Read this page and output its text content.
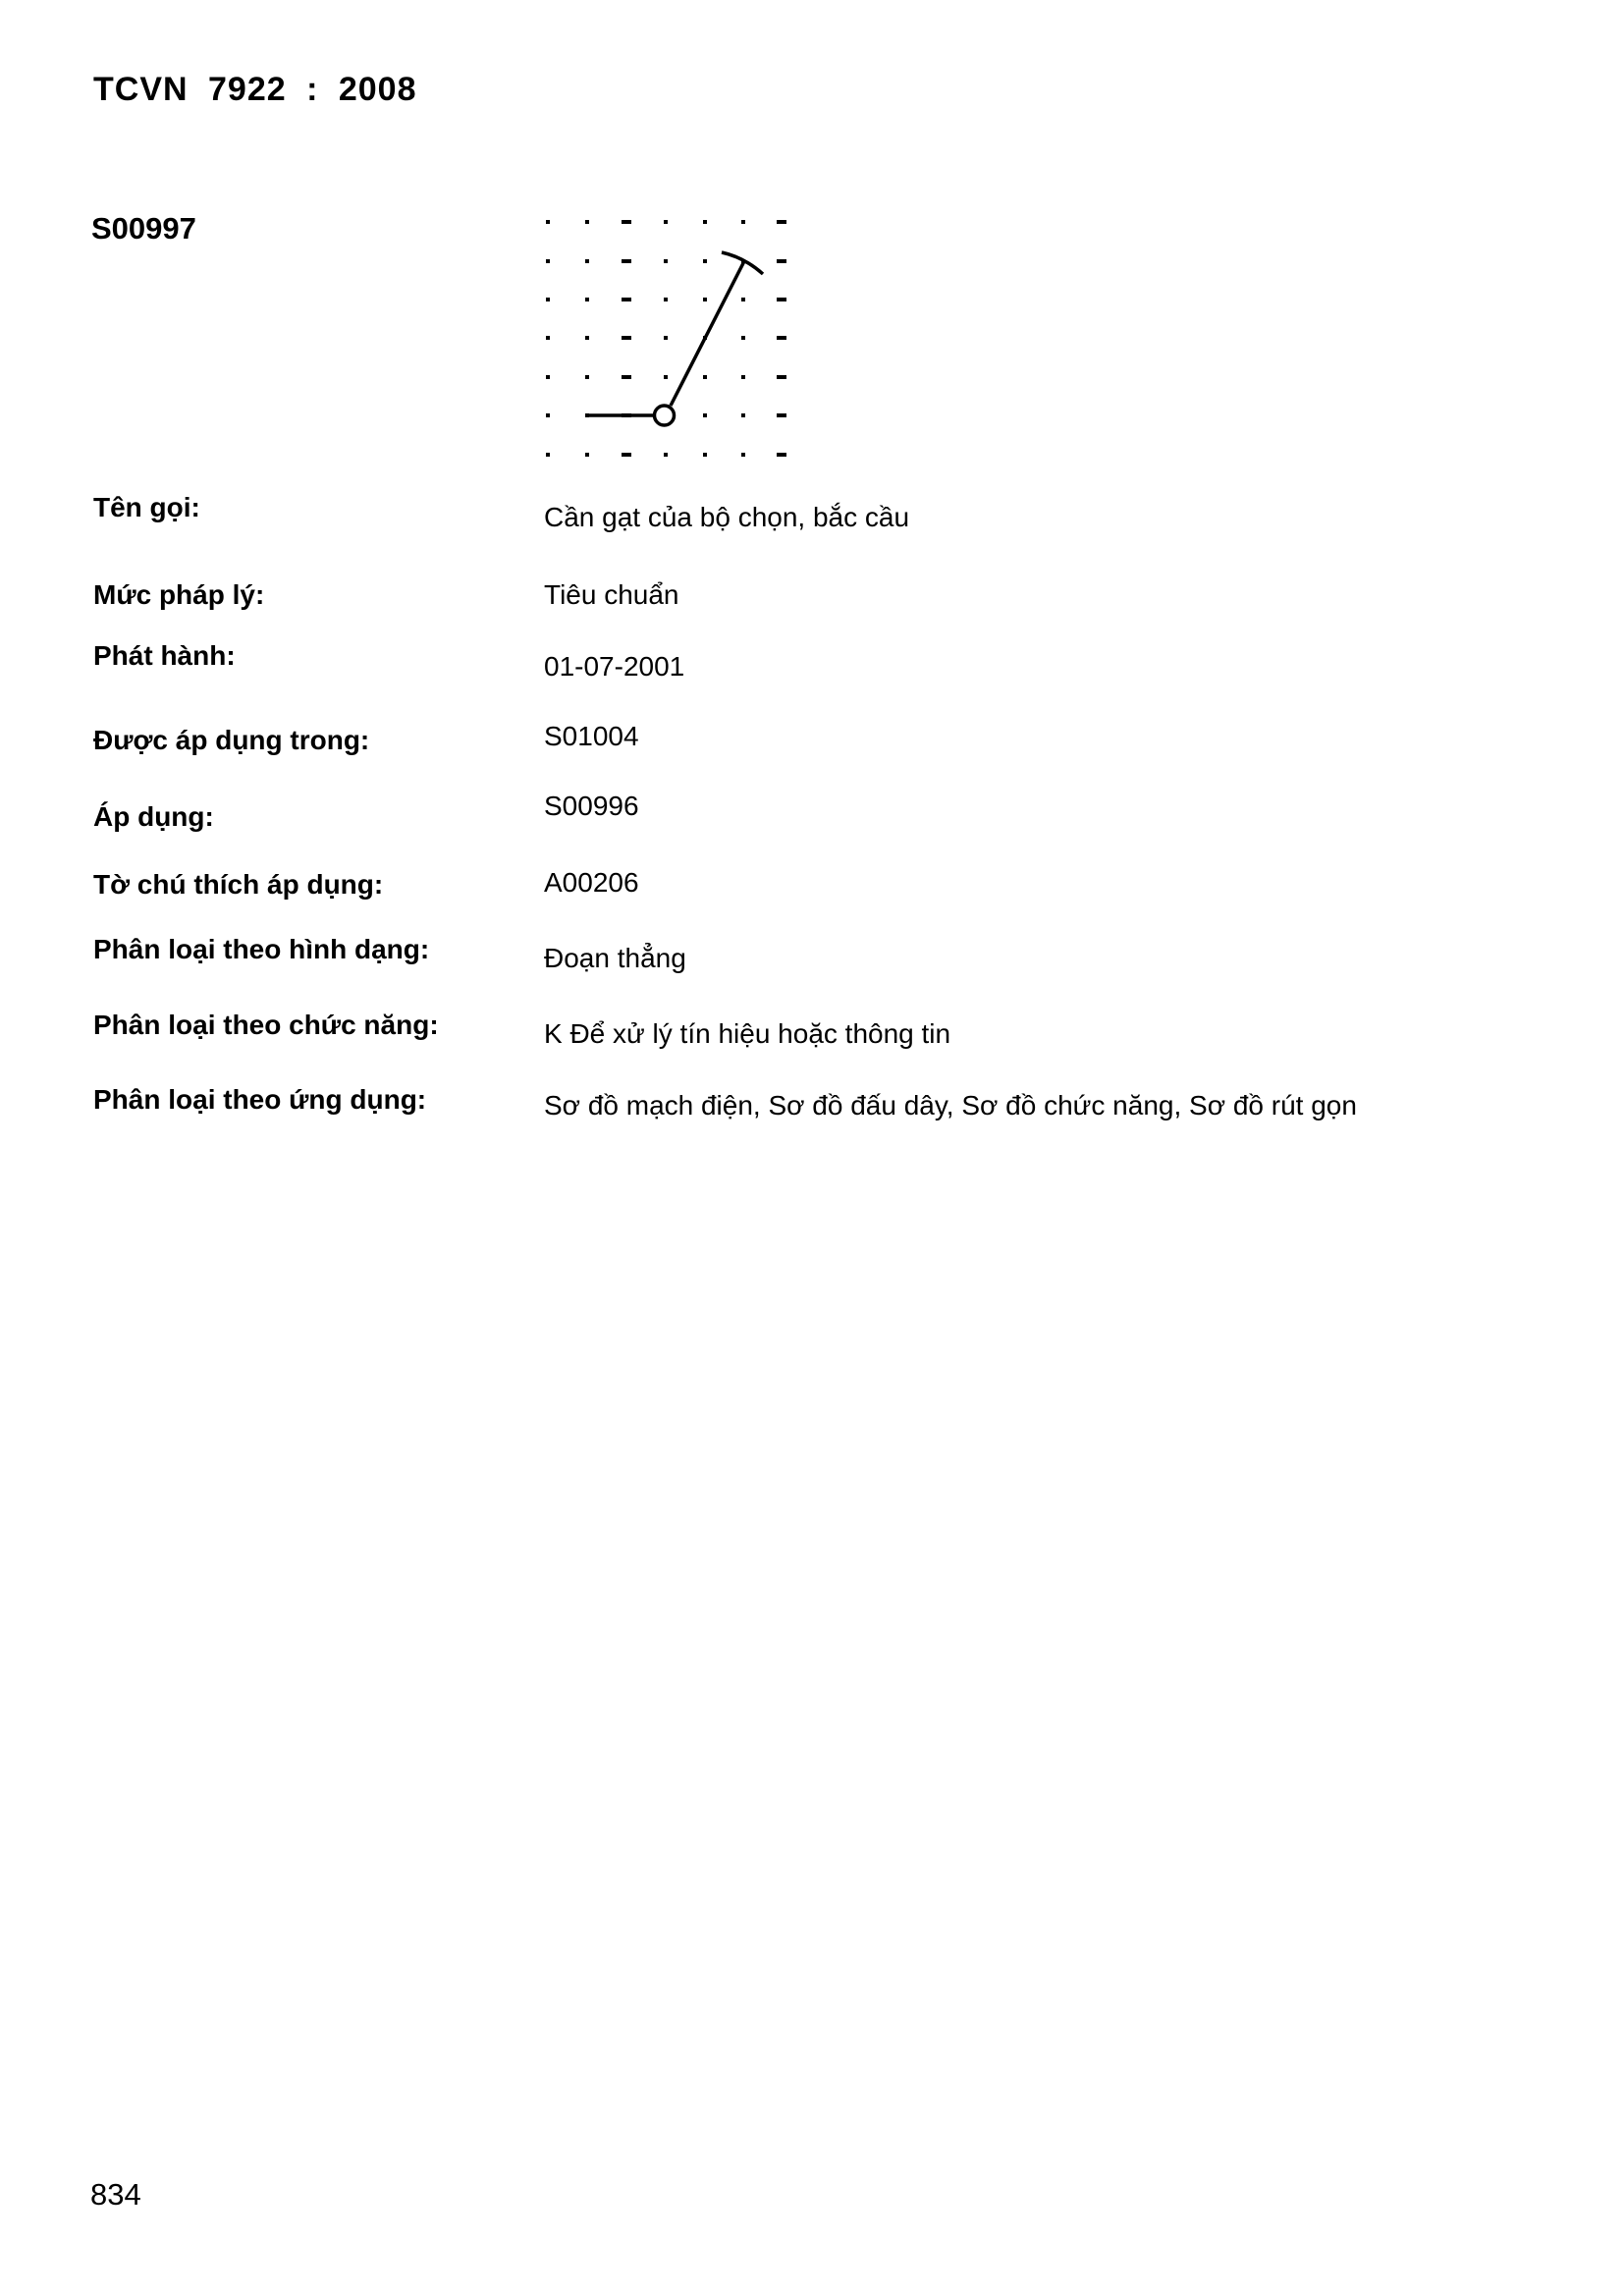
TCVN 7922 : 2008
S00997
Tên gọi:	Cần gạt của bộ chọn, bắc cầu
Mức pháp lý:	Tiêu chuẩn
Phát hành:	01-07-2001
Được áp dụng trong:	S01004
Áp dụng:	S00996
Tờ chú thích áp dụng:	A00206
Phân loại theo hình dạng:	Đoạn thẳng
Phân loại theo chức năng:	K Để xử lý tín hiệu hoặc thông tin
Phân loại theo ứng dụng:	Sơ đồ mạch điện, Sơ đồ đấu dây, Sơ đồ chức năng, Sơ đồ rút gọn
834
